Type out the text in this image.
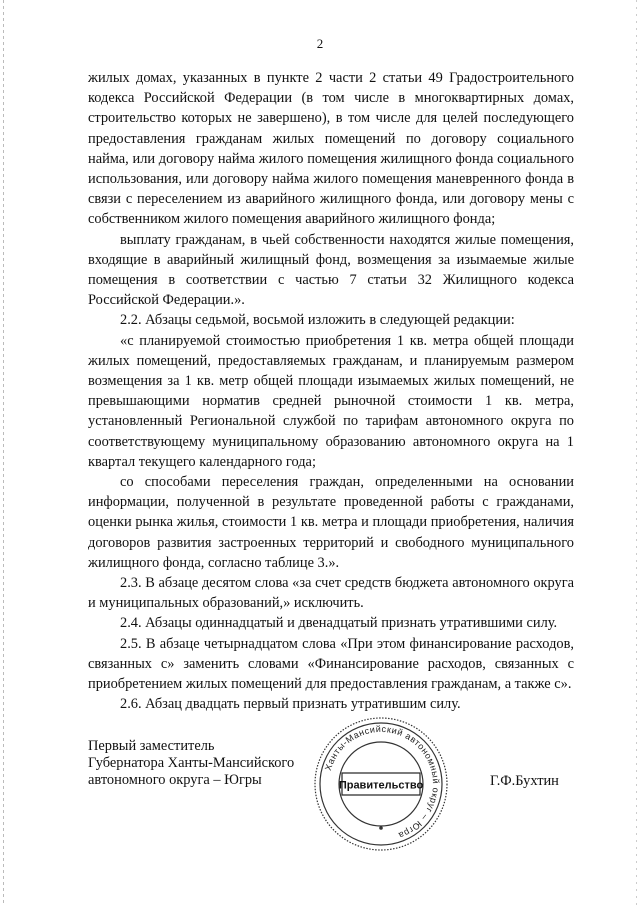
2

жилых домах, указанных в пункте 2 части 2 статьи 49 Градостроительного кодекса Российской Федерации (в том числе в многоквартирных домах, строительство которых не завершено), в том числе для целей последующего предоставления гражданам жилых помещений по договору социального найма, или договору найма жилого помещения жилищного фонда социального использования, или договору найма жилого помещения маневренного фонда в связи с переселением из аварийного жилищного фонда, или договору мены с собственником жилого помещения аварийного жилищного фонда;

выплату гражданам, в чьей собственности находятся жилые помещения, входящие в аварийный жилищный фонд, возмещения за изымаемые жилые помещения в соответствии с частью 7 статьи 32 Жилищного кодекса Российской Федерации.».

2.2. Абзацы седьмой, восьмой изложить в следующей редакции:

«с планируемой стоимостью приобретения 1 кв. метра общей площади жилых помещений, предоставляемых гражданам, и планируемым размером возмещения за 1 кв. метр общей площади изымаемых жилых помещений, не превышающими норматив средней рыночной стоимости 1 кв. метра, установленный Региональной службой по тарифам автономного округа по соответствующему муниципальному образованию автономного округа на 1 квартал текущего календарного года;

со способами переселения граждан, определенными на основании информации, полученной в результате проведенной работы с гражданами, оценки рынка жилья, стоимости 1 кв. метра и площади приобретения, наличия договоров развития застроенных территорий и свободного муниципального жилищного фонда, согласно таблице 3.».

2.3. В абзаце десятом слова «за счет средств бюджета автономного округа и муниципальных образований,» исключить.

2.4. Абзацы одиннадцатый и двенадцатый признать утратившими силу.

2.5. В абзаце четырнадцатом слова «При этом финансирование расходов, связанных с» заменить словами «Финансирование расходов, связанных с приобретением жилых помещений для предоставления гражданам, а также с».

2.6. Абзац двадцать первый признать утратившим силу.

Первый заместитель
Губернатора Ханты-Мансийского
автономного округа – Югры
Ханты-Мансийский автономный округ – Югра
Правительство	Г.Ф.Бухтин
